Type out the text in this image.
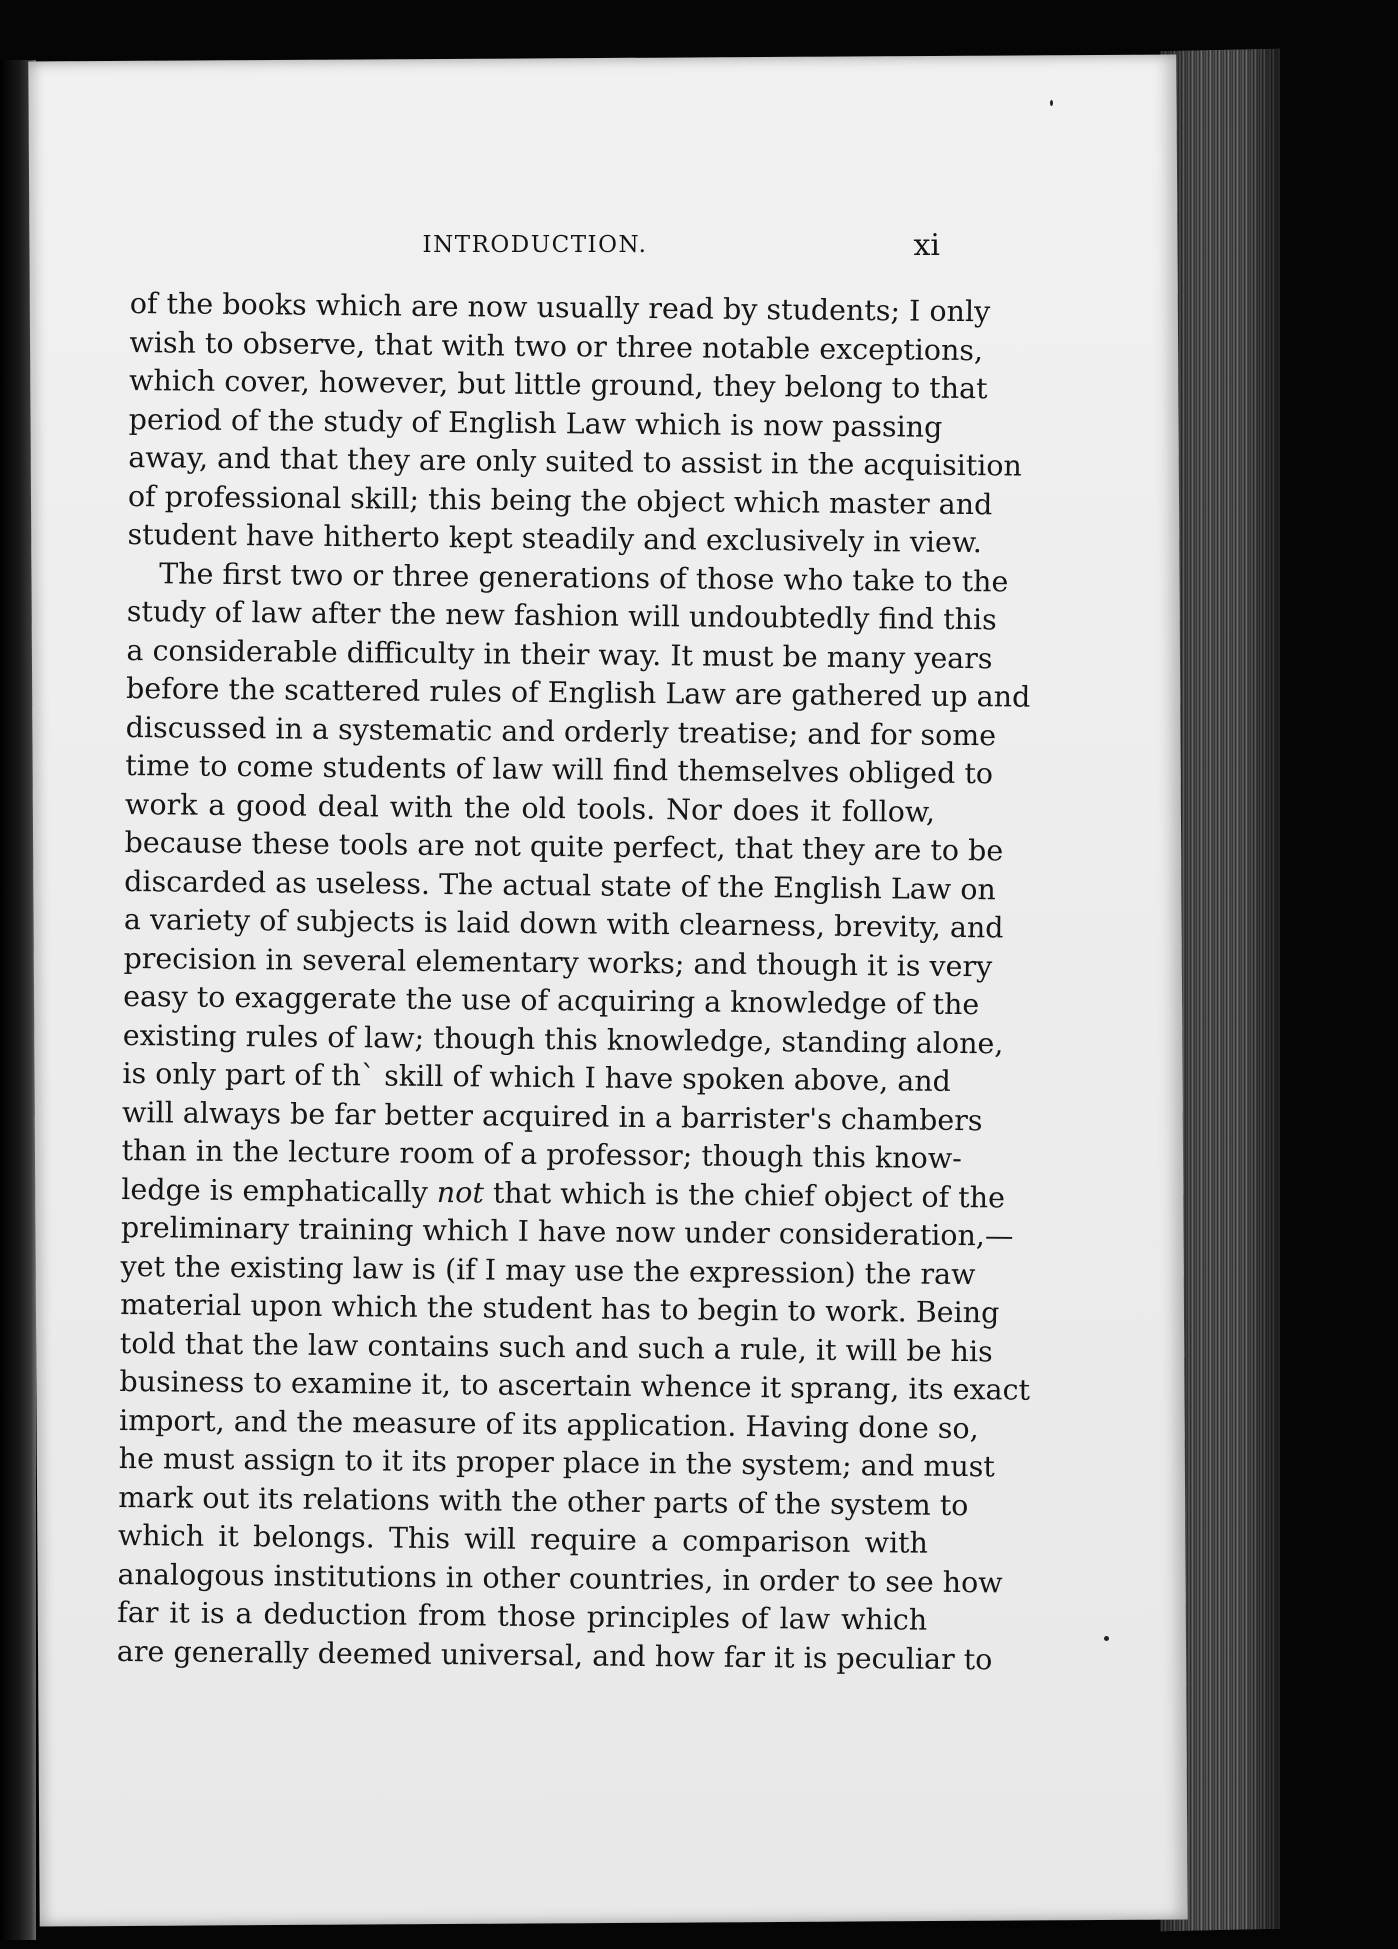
INTRODUCTION.	xi
of the books which are now usually read by students; I only
wish to observe, that with two or three notable exceptions,
which cover, however, but little ground, they belong to that
period of the study of English Law which is now passing
away, and that they are only suited to assist in the acquisition
of professional skill; this being the object which master and
student have hitherto kept steadily and exclusively in view.
The first two or three generations of those who take to the
study of law after the new fashion will undoubtedly find this
a considerable difficulty in their way. It must be many years
before the scattered rules of English Law are gathered up and
discussed in a systematic and orderly treatise; and for some
time to come students of law will find themselves obliged to
work a good deal with the old tools. Nor does it follow,
because these tools are not quite perfect, that they are to be
discarded as useless. The actual state of the English Law on
a variety of subjects is laid down with clearness, brevity, and
precision in several elementary works; and though it is very
easy to exaggerate the use of acquiring a knowledge of the
existing rules of law; though this knowledge, standing alone,
is only part of th` skill of which I have spoken above, and
will always be far better acquired in a barrister's chambers
than in the lecture room of a professor; though this know-
ledge is emphatically not that which is the chief object of the
preliminary training which I have now under consideration,—
yet the existing law is (if I may use the expression) the raw
material upon which the student has to begin to work. Being
told that the law contains such and such a rule, it will be his
business to examine it, to ascertain whence it sprang, its exact
import, and the measure of its application. Having done so,
he must assign to it its proper place in the system; and must
mark out its relations with the other parts of the system to
which it belongs. This will require a comparison with
analogous institutions in other countries, in order to see how
far it is a deduction from those principles of law which
are generally deemed universal, and how far it is peculiar to
